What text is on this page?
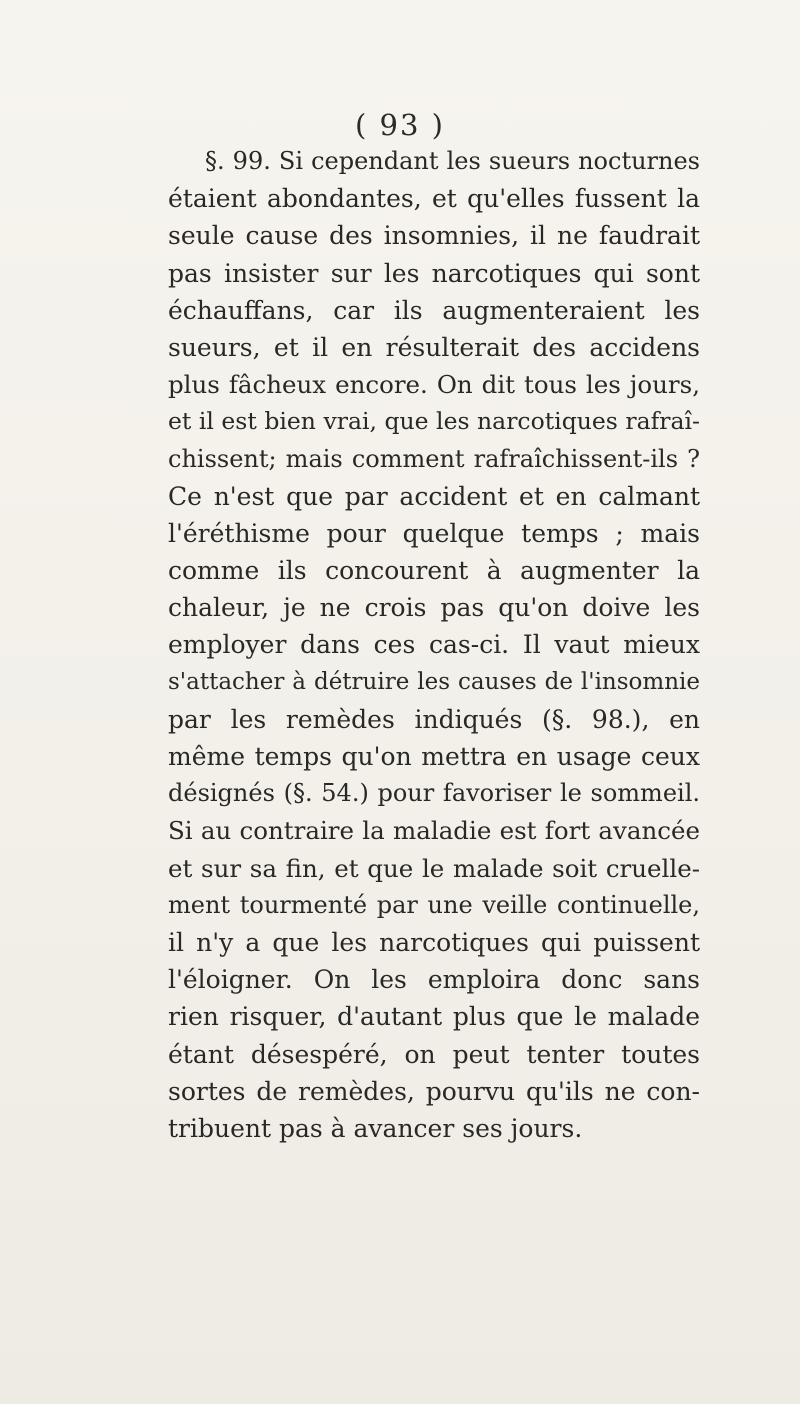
( 93 )
§. 99. Si cependant les sueurs nocturnes
étaient abondantes, et qu'elles fussent la
seule cause des insomnies, il ne faudrait
pas insister sur les narcotiques qui sont
échauffans, car ils augmenteraient les
sueurs, et il en résulterait des accidens
plus fâcheux encore. On dit tous les jours,
et il est bien vrai, que les narcotiques rafraî-
chissent; mais comment rafraîchissent-ils ?
Ce n'est que par accident et en calmant
l'éréthisme pour quelque temps ; mais
comme ils concourent à augmenter la
chaleur, je ne crois pas qu'on doive les
employer dans ces cas-ci. Il vaut mieux
s'attacher à détruire les causes de l'insomnie
par les remèdes indiqués (§. 98.), en
même temps qu'on mettra en usage ceux
désignés (§. 54.) pour favoriser le sommeil.
Si au contraire la maladie est fort avancée
et sur sa fin, et que le malade soit cruelle-
ment tourmenté par une veille continuelle,
il n'y a que les narcotiques qui puissent
l'éloigner. On les emploira donc sans
rien risquer, d'autant plus que le malade
étant désespéré, on peut tenter toutes
sortes de remèdes, pourvu qu'ils ne con-
tribuent pas à avancer ses jours.
